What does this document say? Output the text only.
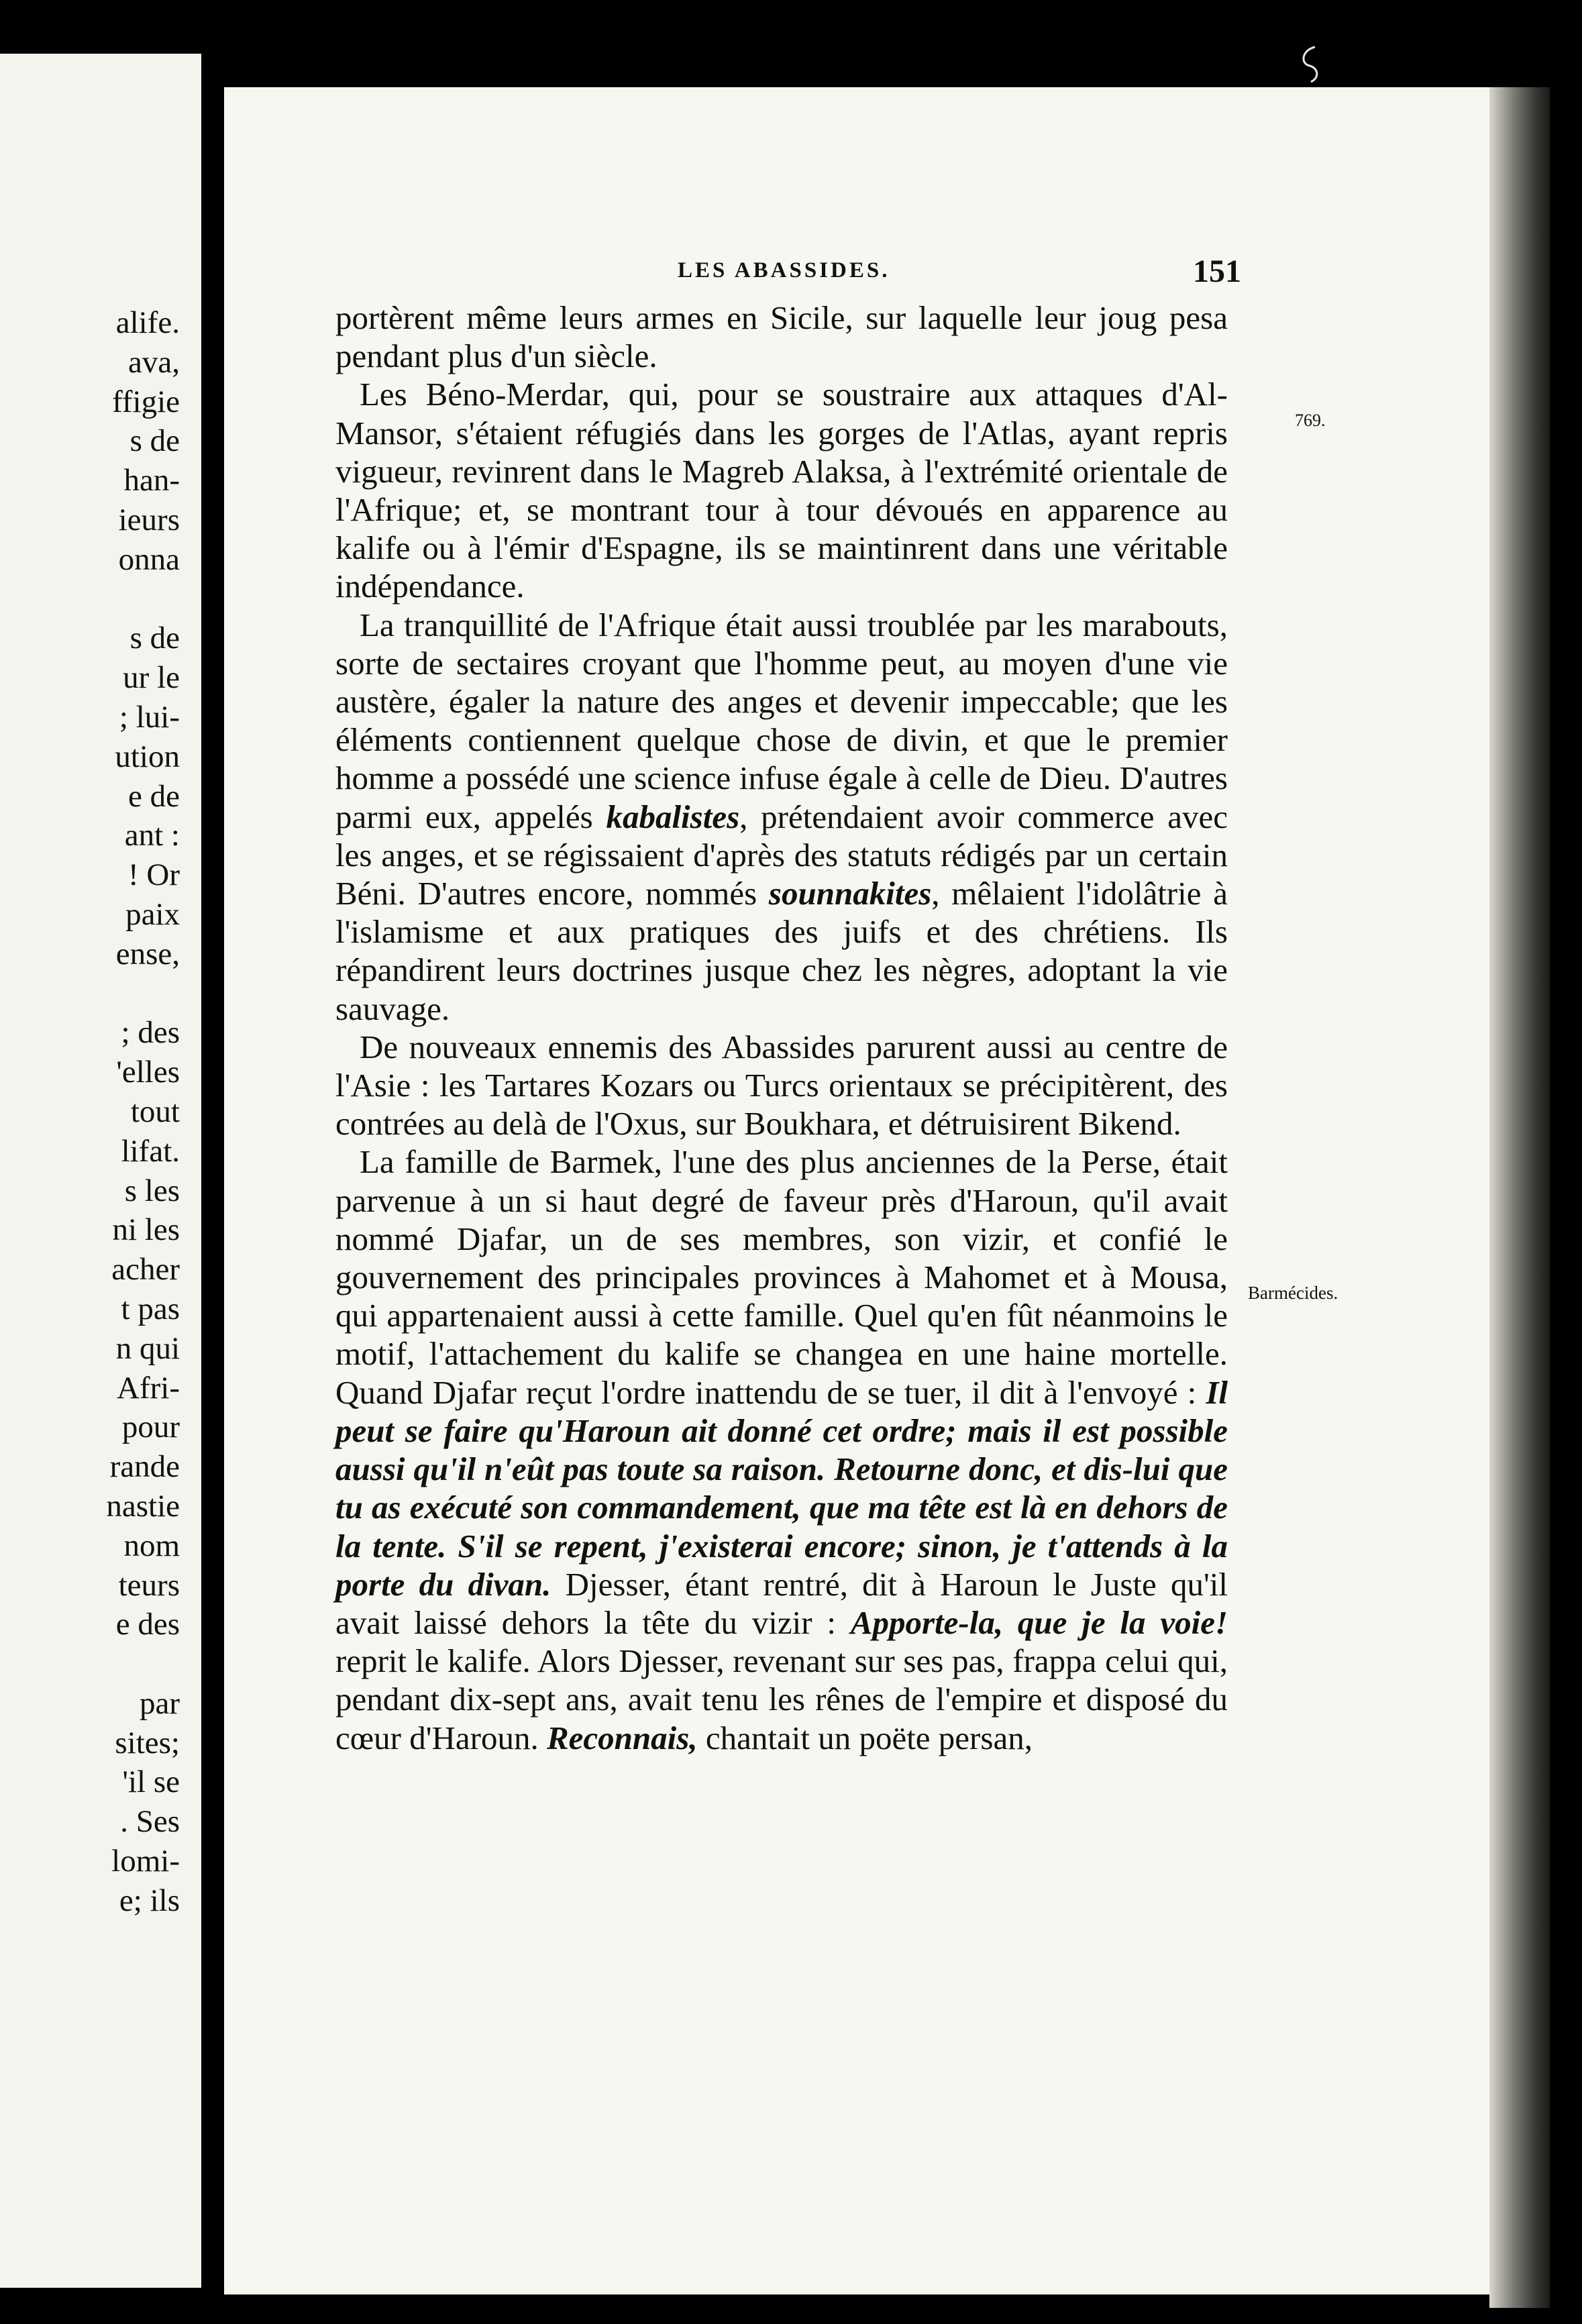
alife.
ava,
ffigie
s de
han-
ieurs
onna
s de
ur le
; lui-
ution
e de
ant :
! Or
paix
ense,
; des
'elles
tout
lifat.
s les
ni les
acher
t pas
n qui
Afri-
pour
rande
nastie
nom
teurs
e des
par
sites;
'il se
. Ses
lomi-
e; ils
LES ABASSIDES.	151
769.
Barmécides.

portèrent même leurs armes en Sicile, sur laquelle leur joug pesa pendant plus d'un siècle.

Les Béno-Merdar, qui, pour se soustraire aux attaques d'Al-Mansor, s'étaient réfugiés dans les gorges de l'Atlas, ayant repris vigueur, revinrent dans le Magreb Alaksa, à l'extrémité orientale de l'Afrique; et, se montrant tour à tour dévoués en apparence au kalife ou à l'émir d'Espagne, ils se maintinrent dans une véritable indépendance.

La tranquillité de l'Afrique était aussi troublée par les marabouts, sorte de sectaires croyant que l'homme peut, au moyen d'une vie austère, égaler la nature des anges et devenir impeccable; que les éléments contiennent quelque chose de divin, et que le premier homme a possédé une science infuse égale à celle de Dieu. D'autres parmi eux, appelés kabalistes, prétendaient avoir commerce avec les anges, et se régissaient d'après des statuts rédigés par un certain Béni. D'autres encore, nommés sounnakites, mêlaient l'idolâtrie à l'islamisme et aux pratiques des juifs et des chrétiens. Ils répandirent leurs doctrines jusque chez les nègres, adoptant la vie sauvage.

De nouveaux ennemis des Abassides parurent aussi au centre de l'Asie : les Tartares Kozars ou Turcs orientaux se précipitèrent, des contrées au delà de l'Oxus, sur Boukhara, et détruisirent Bikend.

La famille de Barmek, l'une des plus anciennes de la Perse, était parvenue à un si haut degré de faveur près d'Haroun, qu'il avait nommé Djafar, un de ses membres, son vizir, et confié le gouvernement des principales provinces à Mahomet et à Mousa, qui appartenaient aussi à cette famille. Quel qu'en fût néanmoins le motif, l'attachement du kalife se changea en une haine mortelle. Quand Djafar reçut l'ordre inattendu de se tuer, il dit à l'envoyé : Il peut se faire qu'Haroun ait donné cet ordre; mais il est possible aussi qu'il n'eût pas toute sa raison. Retourne donc, et dis-lui que tu as exécuté son commandement, que ma tête est là en dehors de la tente. S'il se repent, j'existerai encore; sinon, je t'attends à la porte du divan. Djesser, étant rentré, dit à Haroun le Juste qu'il avait laissé dehors la tête du vizir : Apporte-la, que je la voie! reprit le kalife. Alors Djesser, revenant sur ses pas, frappa celui qui, pendant dix-sept ans, avait tenu les rênes de l'empire et disposé du cœur d'Haroun. Reconnais, chantait un poëte persan,
